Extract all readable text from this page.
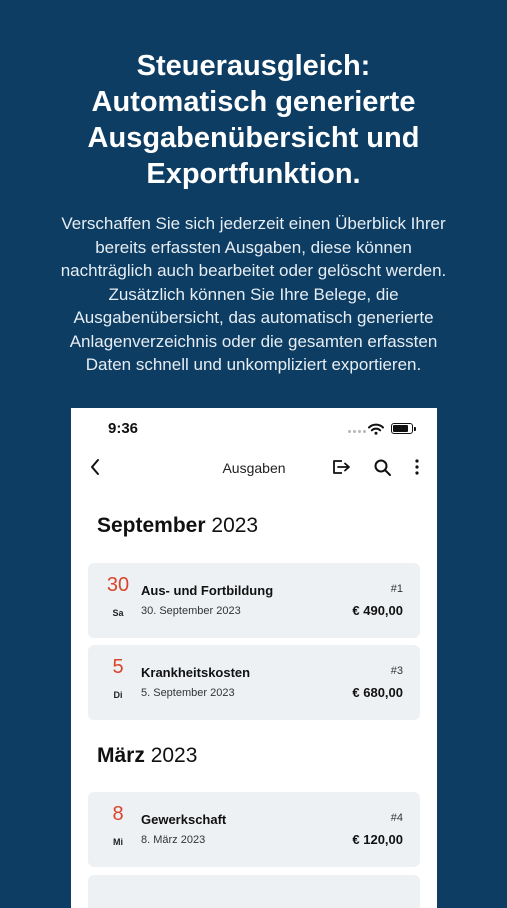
Steuerausgleich:
Automatisch generierte
Ausgabenübersicht und
Exportfunktion.
Verschaffen Sie sich jederzeit einen Überblick Ihrer
bereits erfassten Ausgaben, diese können
nachträglich auch bearbeitet oder gelöscht werden.
Zusätzlich können Sie Ihre Belege, die
Ausgabenübersicht, das automatisch generierte
Anlagenverzeichnis oder die gesamten erfassten
Daten schnell und unkompliziert exportieren.
9:36
Ausgaben
September 2023
30
Sa
Aus- und Fortbildung
30. September 2023
#1
€ 490,00
5
Di
Krankheitskosten
5. September 2023
#3
€ 680,00
März 2023
8
Mi
Gewerkschaft
8. März 2023
#4
€ 120,00
